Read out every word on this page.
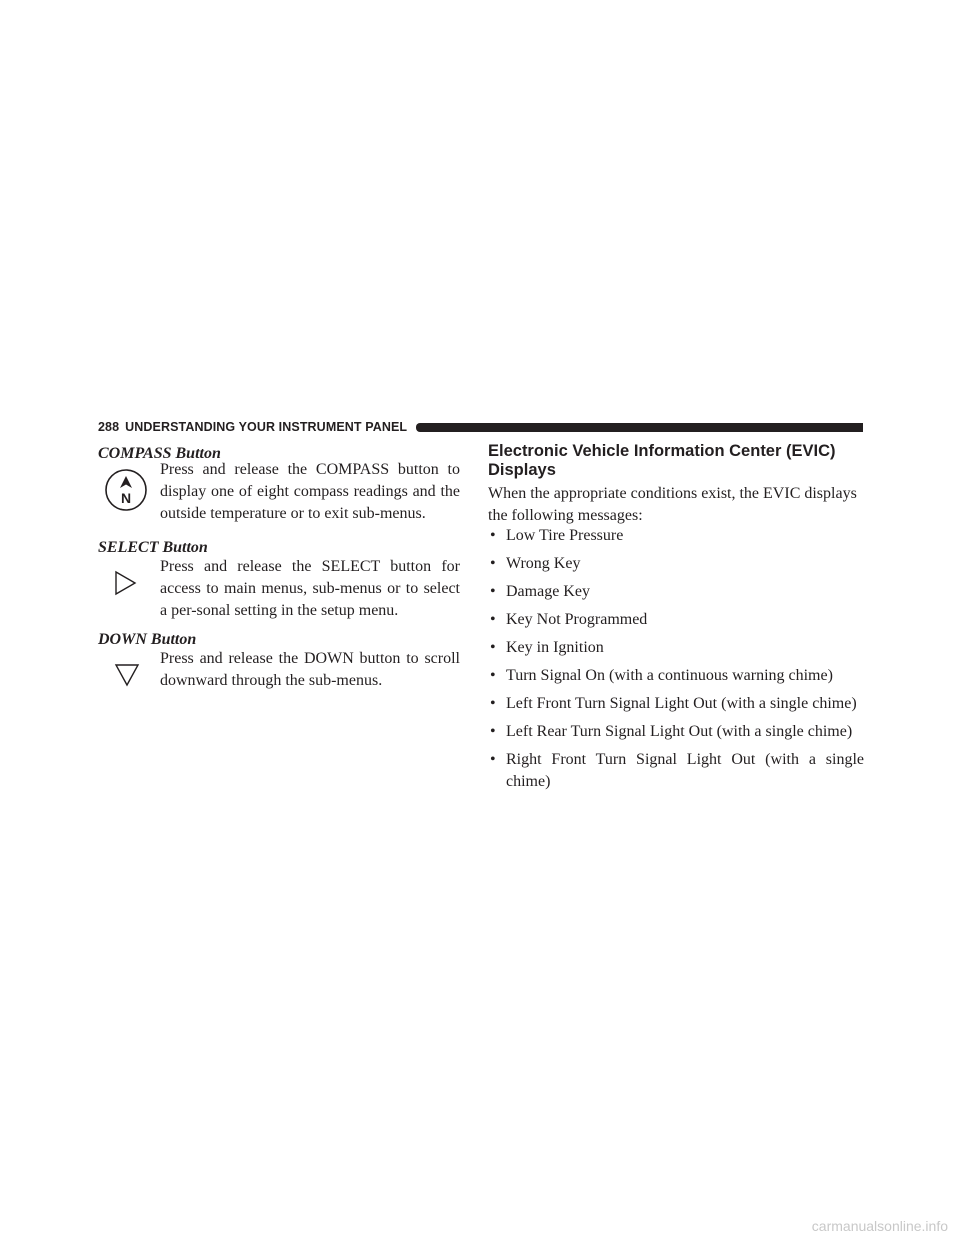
288 UNDERSTANDING YOUR INSTRUMENT PANEL
COMPASS Button
N
Press and release the COMPASS button to display one of eight compass readings and the outside temperature or to exit sub-menus.
SELECT Button
Press and release the SELECT button for access to main menus, sub-menus or to select a per-sonal setting in the setup menu.
DOWN Button
Press and release the DOWN button to scroll downward through the sub-menus.
Electronic Vehicle Information Center (EVIC) Displays
When the appropriate conditions exist, the EVIC displays the following messages:
• Low Tire Pressure
• Wrong Key
• Damage Key
• Key Not Programmed
• Key in Ignition
• Turn Signal On (with a continuous warning chime)
• Left Front Turn Signal Light Out (with a single chime)
• Left Rear Turn Signal Light Out (with a single chime)
• Right Front Turn Signal Light Out (with a single chime)
carmanualsonline.info
